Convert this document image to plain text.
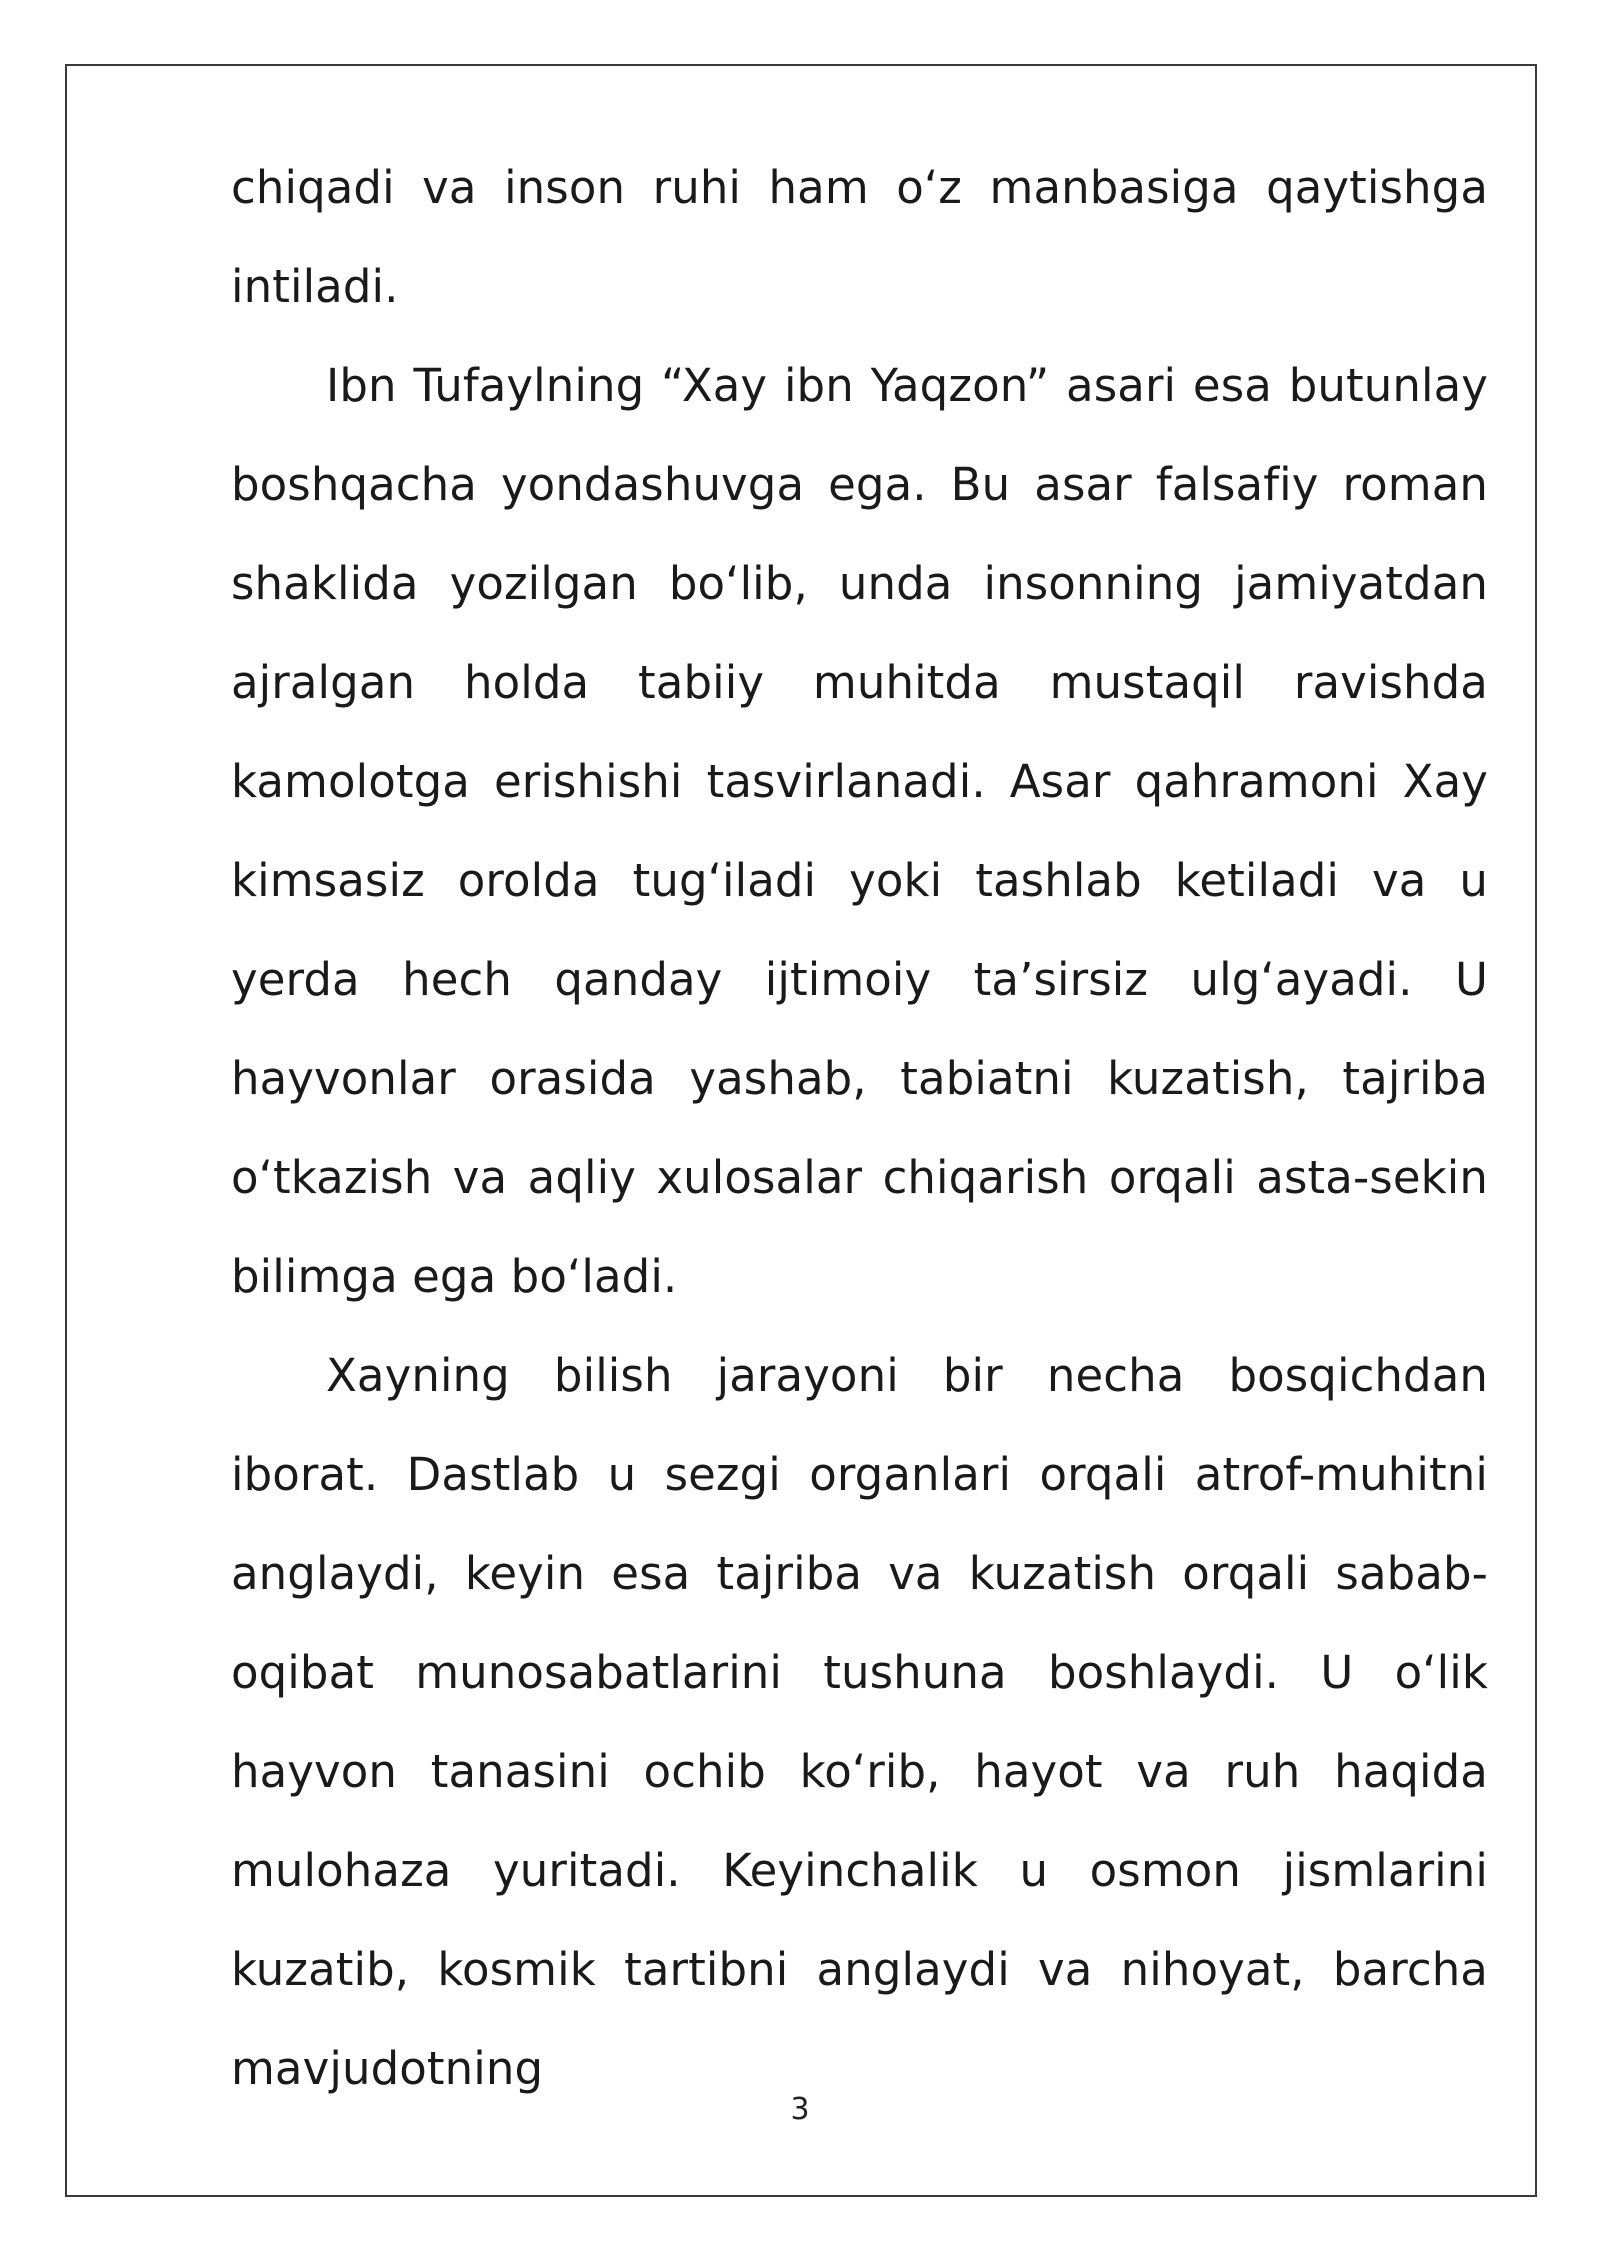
chiqadi va inson ruhi ham o‘z manbasiga qaytishga intiladi.

Ibn Tufaylning “Xay ibn Yaqzon” asari esa butunlay boshqacha yondashuvga ega. Bu asar falsafiy roman shaklida yozilgan bo‘lib, unda insonning jamiyatdan ajralgan holda tabiiy muhitda mustaqil ravishda kamolotga erishishi tasvirlanadi. Asar qahramoni Xay kimsasiz orolda tug‘iladi yoki tashlab ketiladi va u yerda hech qanday ijtimoiy ta’sirsiz ulg‘ayadi. U hayvonlar orasida yashab, tabiatni kuzatish, tajriba o‘tkazish va aqliy xulosalar chiqarish orqali asta-sekin bilimga ega bo‘ladi.

Xayning bilish jarayoni bir necha bosqichdan iborat. Dastlab u sezgi organlari orqali atrof-muhitni anglaydi, keyin esa tajriba va kuzatish orqali sabab-oqibat munosabatlarini tushuna boshlaydi. U o‘lik hayvon tanasini ochib ko‘rib, hayot va ruh haqida mulohaza yuritadi. Keyinchalik u osmon jismlarini kuzatib, kosmik tartibni anglaydi va nihoyat, barcha mavjudotning

3
